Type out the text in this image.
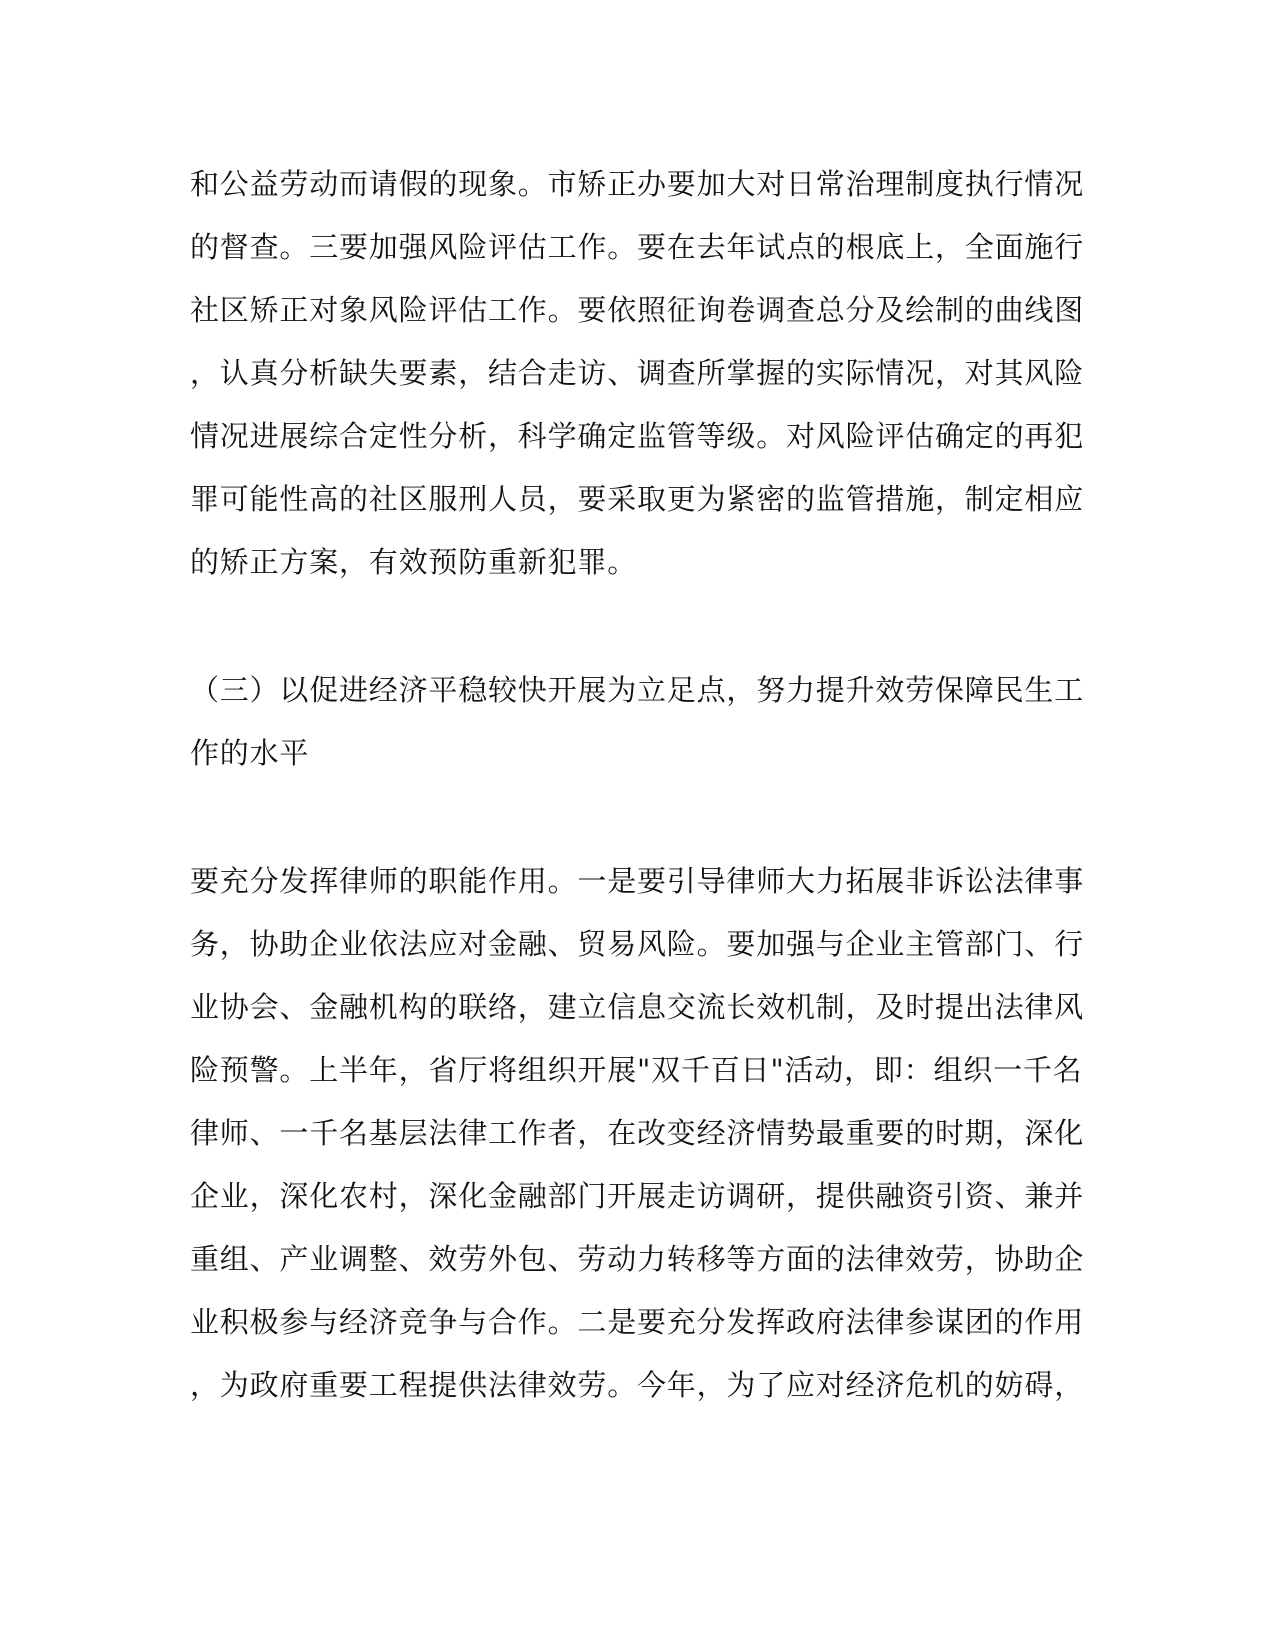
和公益劳动而请假的现象。市矫正办要加大对日常治理制度执行情况
的督查。三要加强风险评估工作。要在去年试点的根底上，全面施行
社区矫正对象风险评估工作。要依照征询卷调查总分及绘制的曲线图
，认真分析缺失要素，结合走访、调查所掌握的实际情况，对其风险
情况进展综合定性分析，科学确定监管等级。对风险评估确定的再犯
罪可能性高的社区服刑人员，要采取更为紧密的监管措施，制定相应
的矫正方案，有效预防重新犯罪。
（三）以促进经济平稳较快开展为立足点，努力提升效劳保障民生工
作的水平
要充分发挥律师的职能作用。一是要引导律师大力拓展非诉讼法律事
务，协助企业依法应对金融、贸易风险。要加强与企业主管部门、行
业协会、金融机构的联络，建立信息交流长效机制，及时提出法律风
险预警。上半年，省厅将组织开展"双千百日"活动，即：组织一千名
律师、一千名基层法律工作者，在改变经济情势最重要的时期，深化
企业，深化农村，深化金融部门开展走访调研，提供融资引资、兼并
重组、产业调整、效劳外包、劳动力转移等方面的法律效劳，协助企
业积极参与经济竞争与合作。二是要充分发挥政府法律参谋团的作用
，为政府重要工程提供法律效劳。今年，为了应对经济危机的妨碍，
